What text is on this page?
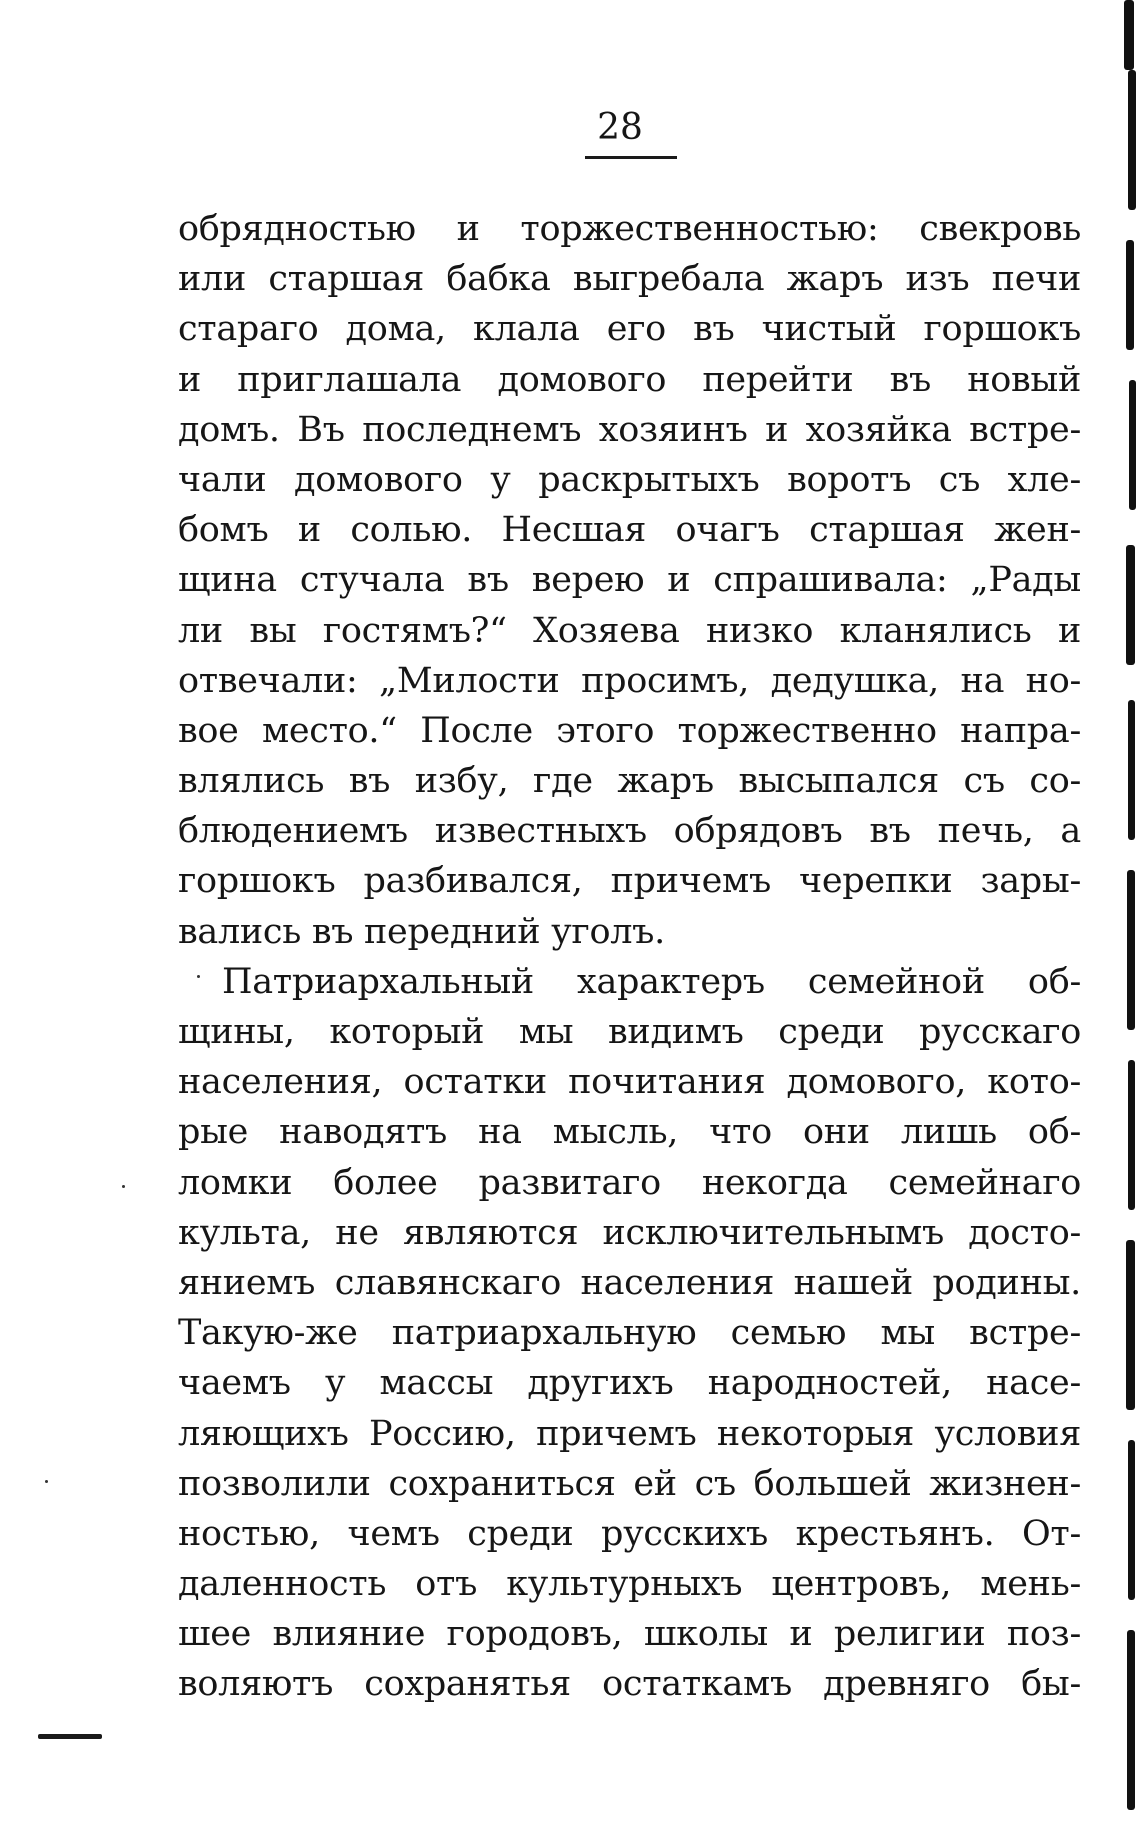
28
обрядностью и торжественностью: свекровь
или старшая бабка выгребала жаръ изъ печи
стараго дома, клала его въ чистый горшокъ
и приглашала домового перейти въ новый
домъ. Въ последнемъ хозяинъ и хозяйка встре-
чали домового у раскрытыхъ воротъ съ хле-
бомъ и солью. Несшая очагъ старшая жен-
щина стучала въ верею и спрашивала: „Рады
ли вы гостямъ?“ Хозяева низко кланялись и
отвечали: „Милости просимъ, дедушка, на но-
вое место.“ После этого торжественно напра-
влялись въ избу, где жаръ высыпался съ со-
блюдениемъ известныхъ обрядовъ въ печь, а
горшокъ разбивался, причемъ черепки зары-
вались въ передний уголъ.
Патриархальный характеръ семейной об-
щины, который мы видимъ среди русскаго
населения, остатки почитания домового, кото-
рые наводятъ на мысль, что они лишь об-
ломки более развитаго некогда семейнаго
культа, не являются исключительнымъ досто-
яниемъ славянскаго населения нашей родины.
Такую-же патриархальную семью мы встре-
чаемъ у массы другихъ народностей, насе-
ляющихъ Россию, причемъ некоторыя условия
позволили сохраниться ей съ большей жизнен-
ностью, чемъ среди русскихъ крестьянъ. От-
даленность отъ культурныхъ центровъ, мень-
шее влияние городовъ, школы и религии поз-
воляютъ сохранятья остаткамъ древняго бы-
